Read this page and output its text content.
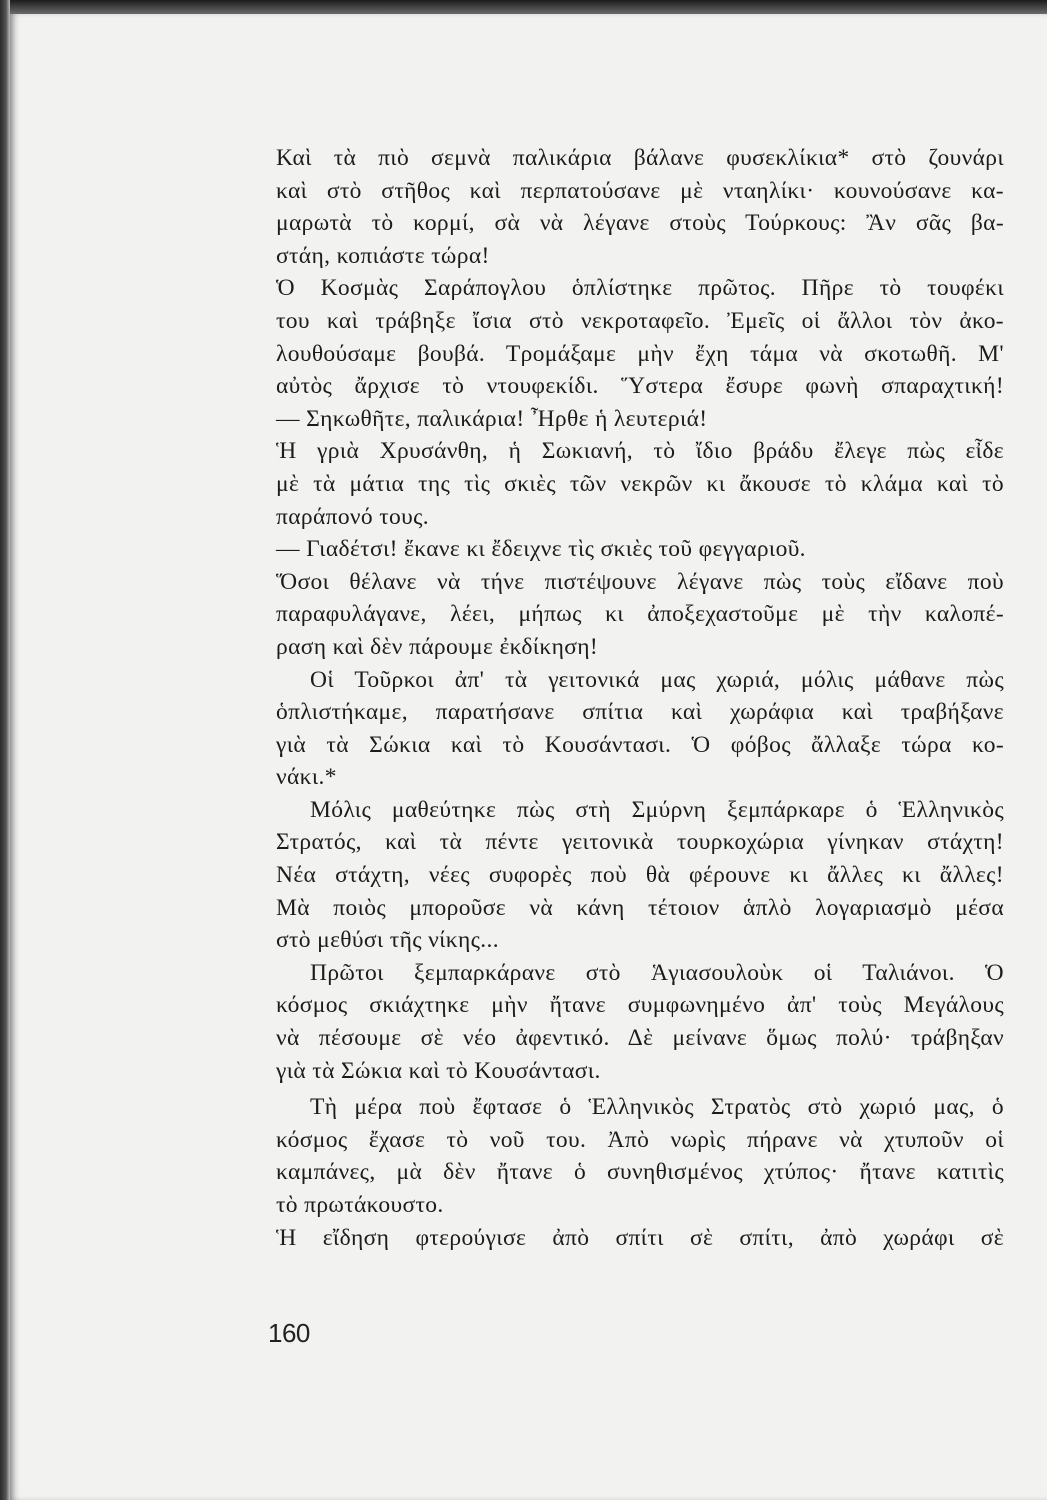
Καὶ τὰ πιὸ σεμνὰ παλικάρια βάλανε φυσεκλίκια* στὸ ζουνάρι

καὶ στὸ στῆθος καὶ περπατούσανε μὲ νταηλίκι· κουνούσανε κα-

μαρωτὰ τὸ κορμί, σὰ νὰ λέγανε στοὺς Τούρκους: Ἂν σᾶς βα-

στάη, κοπιάστε τώρα!

Ὁ Κοσμὰς Σαράπογλου ὁπλίστηκε πρῶτος. Πῆρε τὸ τουφέκι

του καὶ τράβηξε ἴσια στὸ νεκροταφεῖο. Ἐμεῖς οἱ ἄλλοι τὸν ἀκο-

λουθούσαμε βουβά. Τρομάξαμε μὴν ἔχη τάμα νὰ σκοτωθῆ. Μ'

αὐτὸς ἄρχισε τὸ ντουφεκίδι. Ὕστερα ἔσυρε φωνὴ σπαραχτική!

— Σηκωθῆτε, παλικάρια! Ἦρθε ἡ λευτεριά!

Ἡ γριὰ Χρυσάνθη, ἡ Σωκιανή, τὸ ἴδιο βράδυ ἔλεγε πὼς εἶδε

μὲ τὰ μάτια της τὶς σκιὲς τῶν νεκρῶν κι ἄκουσε τὸ κλάμα καὶ τὸ

παράπονό τους.

— Γιαδέτσι! ἔκανε κι ἔδειχνε τὶς σκιὲς τοῦ φεγγαριοῦ.

Ὅσοι θέλανε νὰ τήνε πιστέψουνε λέγανε πὼς τοὺς εἴδανε ποὺ

παραφυλάγανε, λέει, μήπως κι ἀποξεχαστοῦμε μὲ τὴν καλοπέ-

ραση καὶ δὲν πάρουμε ἐκδίκηση!

Οἱ Τοῦρκοι ἀπ' τὰ γειτονικά μας χωριά, μόλις μάθανε πὼς

ὁπλιστήκαμε, παρατήσανε σπίτια καὶ χωράφια καὶ τραβήξανε

γιὰ τὰ Σώκια καὶ τὸ Κουσάντασι. Ὁ φόβος ἄλλαξε τώρα κο-

νάκι.*

Μόλις μαθεύτηκε πὼς στὴ Σμύρνη ξεμπάρκαρε ὁ Ἑλληνικὸς

Στρατός, καὶ τὰ πέντε γειτονικὰ τουρκοχώρια γίνηκαν στάχτη!

Νέα στάχτη, νέες συφορὲς ποὺ θὰ φέρουνε κι ἄλλες κι ἄλλες!

Μὰ ποιὸς μποροῦσε νὰ κάνη τέτοιον ἁπλὸ λογαριασμὸ μέσα

στὸ μεθύσι τῆς νίκης...

Πρῶτοι ξεμπαρκάρανε στὸ Ἁγιασουλοὺκ οἱ Ταλιάνοι. Ὁ

κόσμος σκιάχτηκε μὴν ἤτανε συμφωνημένο ἀπ' τοὺς Μεγάλους

νὰ πέσουμε σὲ νέο ἀφεντικό. Δὲ μείνανε ὅμως πολύ· τράβηξαν

γιὰ τὰ Σώκια καὶ τὸ Κουσάντασι.

Τὴ μέρα ποὺ ἔφτασε ὁ Ἑλληνικὸς Στρατὸς στὸ χωριό μας, ὁ

κόσμος ἔχασε τὸ νοῦ του. Ἀπὸ νωρὶς πήρανε νὰ χτυποῦν οἱ

καμπάνες, μὰ δὲν ἤτανε ὁ συνηθισμένος χτύπος· ἤτανε κατιτὶς

τὸ πρωτάκουστο.

Ἡ εἴδηση φτερούγισε ἀπὸ σπίτι σὲ σπίτι, ἀπὸ χωράφι σὲ

160
